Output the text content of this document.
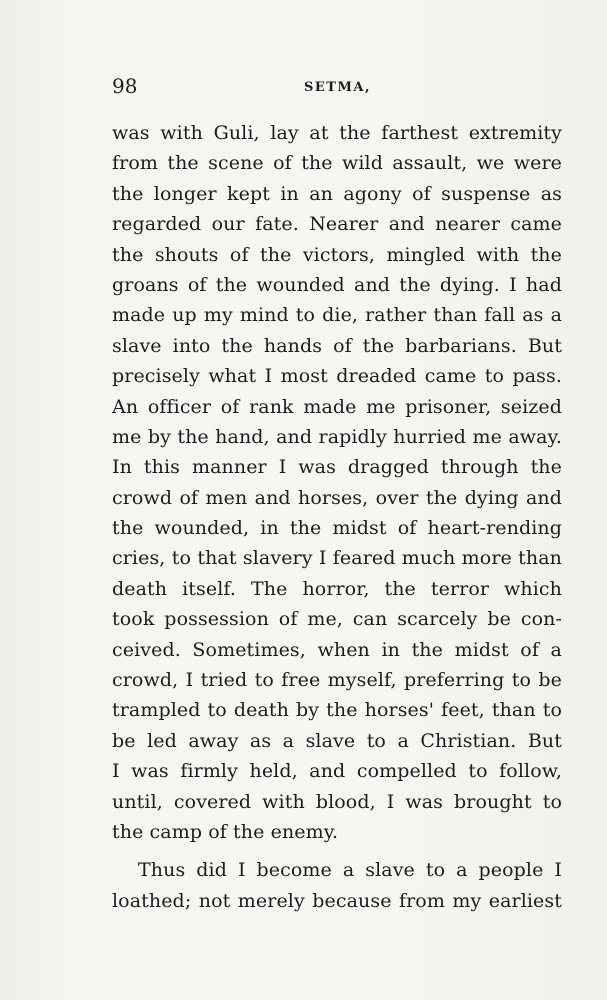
98	SETMA,
was with Guli, lay at the farthest extremity
from the scene of the wild assault, we were
the longer kept in an agony of suspense as
regarded our fate. Nearer and nearer came
the shouts of the victors, mingled with the
groans of the wounded and the dying. I had
made up my mind to die, rather than fall as a
slave into the hands of the barbarians. But
precisely what I most dreaded came to pass.
An officer of rank made me prisoner, seized
me by the hand, and rapidly hurried me away.
In this manner I was dragged through the
crowd of men and horses, over the dying and
the wounded, in the midst of heart-rending
cries, to that slavery I feared much more than
death itself. The horror, the terror which
took possession of me, can scarcely be con-
ceived. Sometimes, when in the midst of a
crowd, I tried to free myself, preferring to be
trampled to death by the horses' feet, than to
be led away as a slave to a Christian. But
I was firmly held, and compelled to follow,
until, covered with blood, I was brought to
the camp of the enemy.
Thus did I become a slave to a people I
loathed; not merely because from my earliest
